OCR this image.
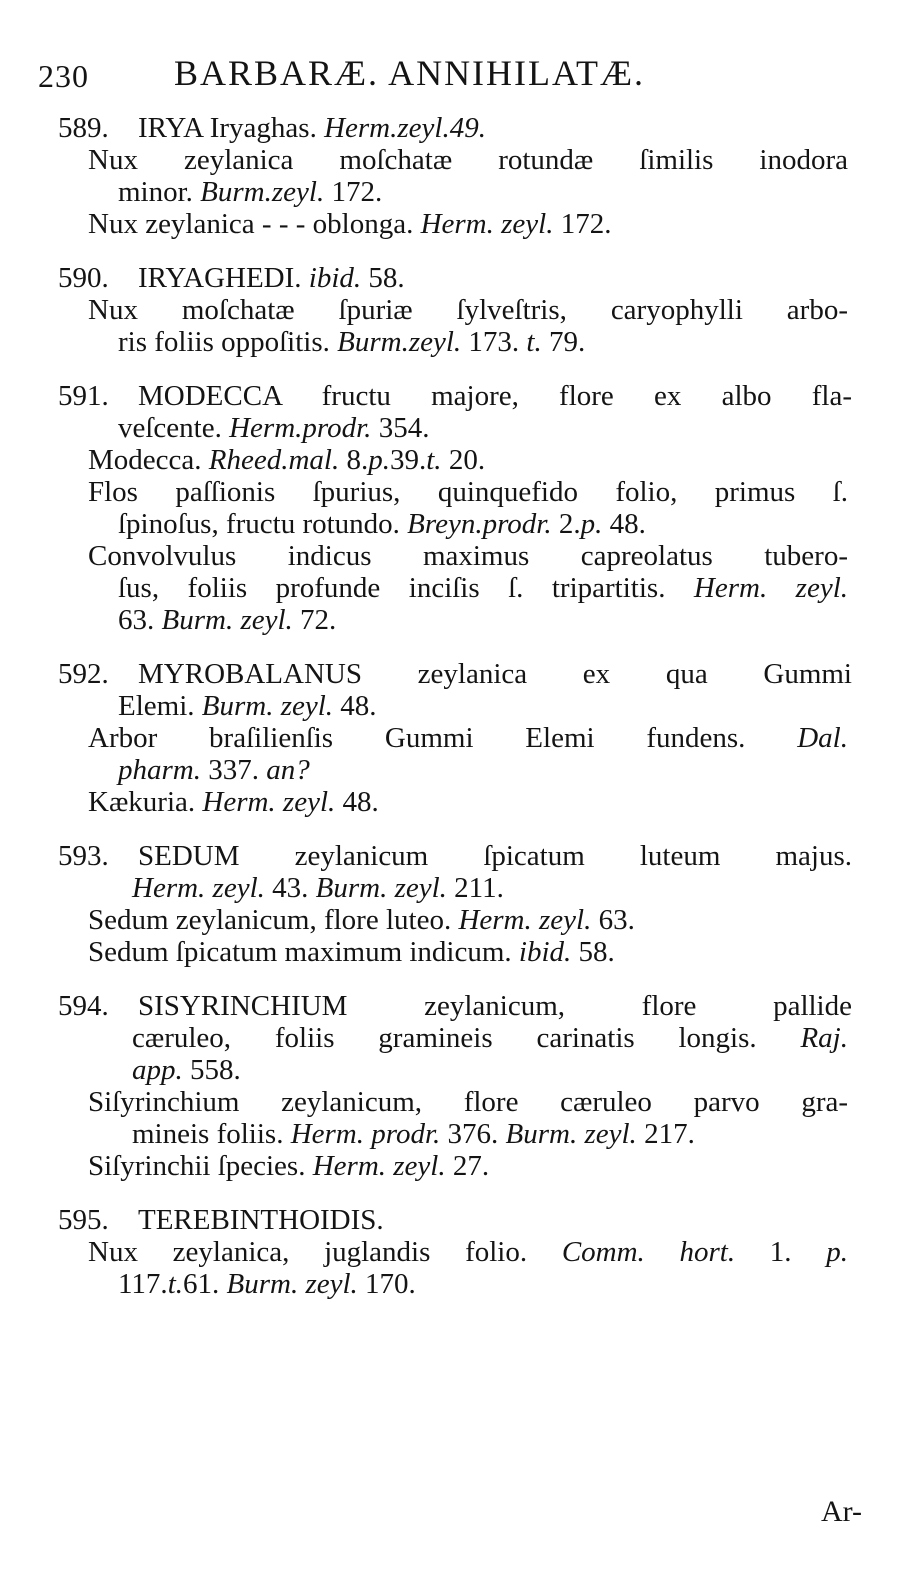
230 BARBARÆ. ANNIHILATÆ.
589. IRYA Iryaghas. Herm.zeyl.49.
Nux zeylanica moſchatæ rotundæ ſimilis inodora
minor. Burm.zeyl. 172.
Nux zeylanica - - - oblonga. Herm. zeyl. 172.
590. IRYAGHEDI. ibid. 58.
Nux moſchatæ ſpuriæ ſylveſtris, caryophylli arbo-
ris foliis oppoſitis. Burm.zeyl. 173. t. 79.
591. MODECCA fructu majore, flore ex albo fla-
veſcente. Herm.prodr. 354.
Modecca. Rheed.mal. 8.p.39.t. 20.
Flos paſſionis ſpurius, quinquefido folio, primus ſ.
ſpinoſus, fructu rotundo. Breyn.prodr. 2.p. 48.
Convolvulus indicus maximus capreolatus tubero-
ſus, foliis profunde inciſis ſ. tripartitis. Herm. zeyl.
63. Burm. zeyl. 72.
592. MYROBALANUS zeylanica ex qua Gummi
Elemi. Burm. zeyl. 48.
Arbor braſilienſis Gummi Elemi fundens. Dal.
pharm. 337. an?
Kækuria. Herm. zeyl. 48.
593. SEDUM zeylanicum ſpicatum luteum majus.
Herm. zeyl. 43. Burm. zeyl. 211.
Sedum zeylanicum, flore luteo. Herm. zeyl. 63.
Sedum ſpicatum maximum indicum. ibid. 58.
594. SISYRINCHIUM zeylanicum, flore pallide
cæruleo, foliis gramineis carinatis longis. Raj.
app. 558.
Siſyrinchium zeylanicum, flore cæruleo parvo gra-
mineis foliis. Herm. prodr. 376. Burm. zeyl. 217.
Siſyrinchii ſpecies. Herm. zeyl. 27.
595. TEREBINTHOIDIS.
Nux zeylanica, juglandis folio. Comm. hort. 1. p.
117.t.61. Burm. zeyl. 170.
Ar-
